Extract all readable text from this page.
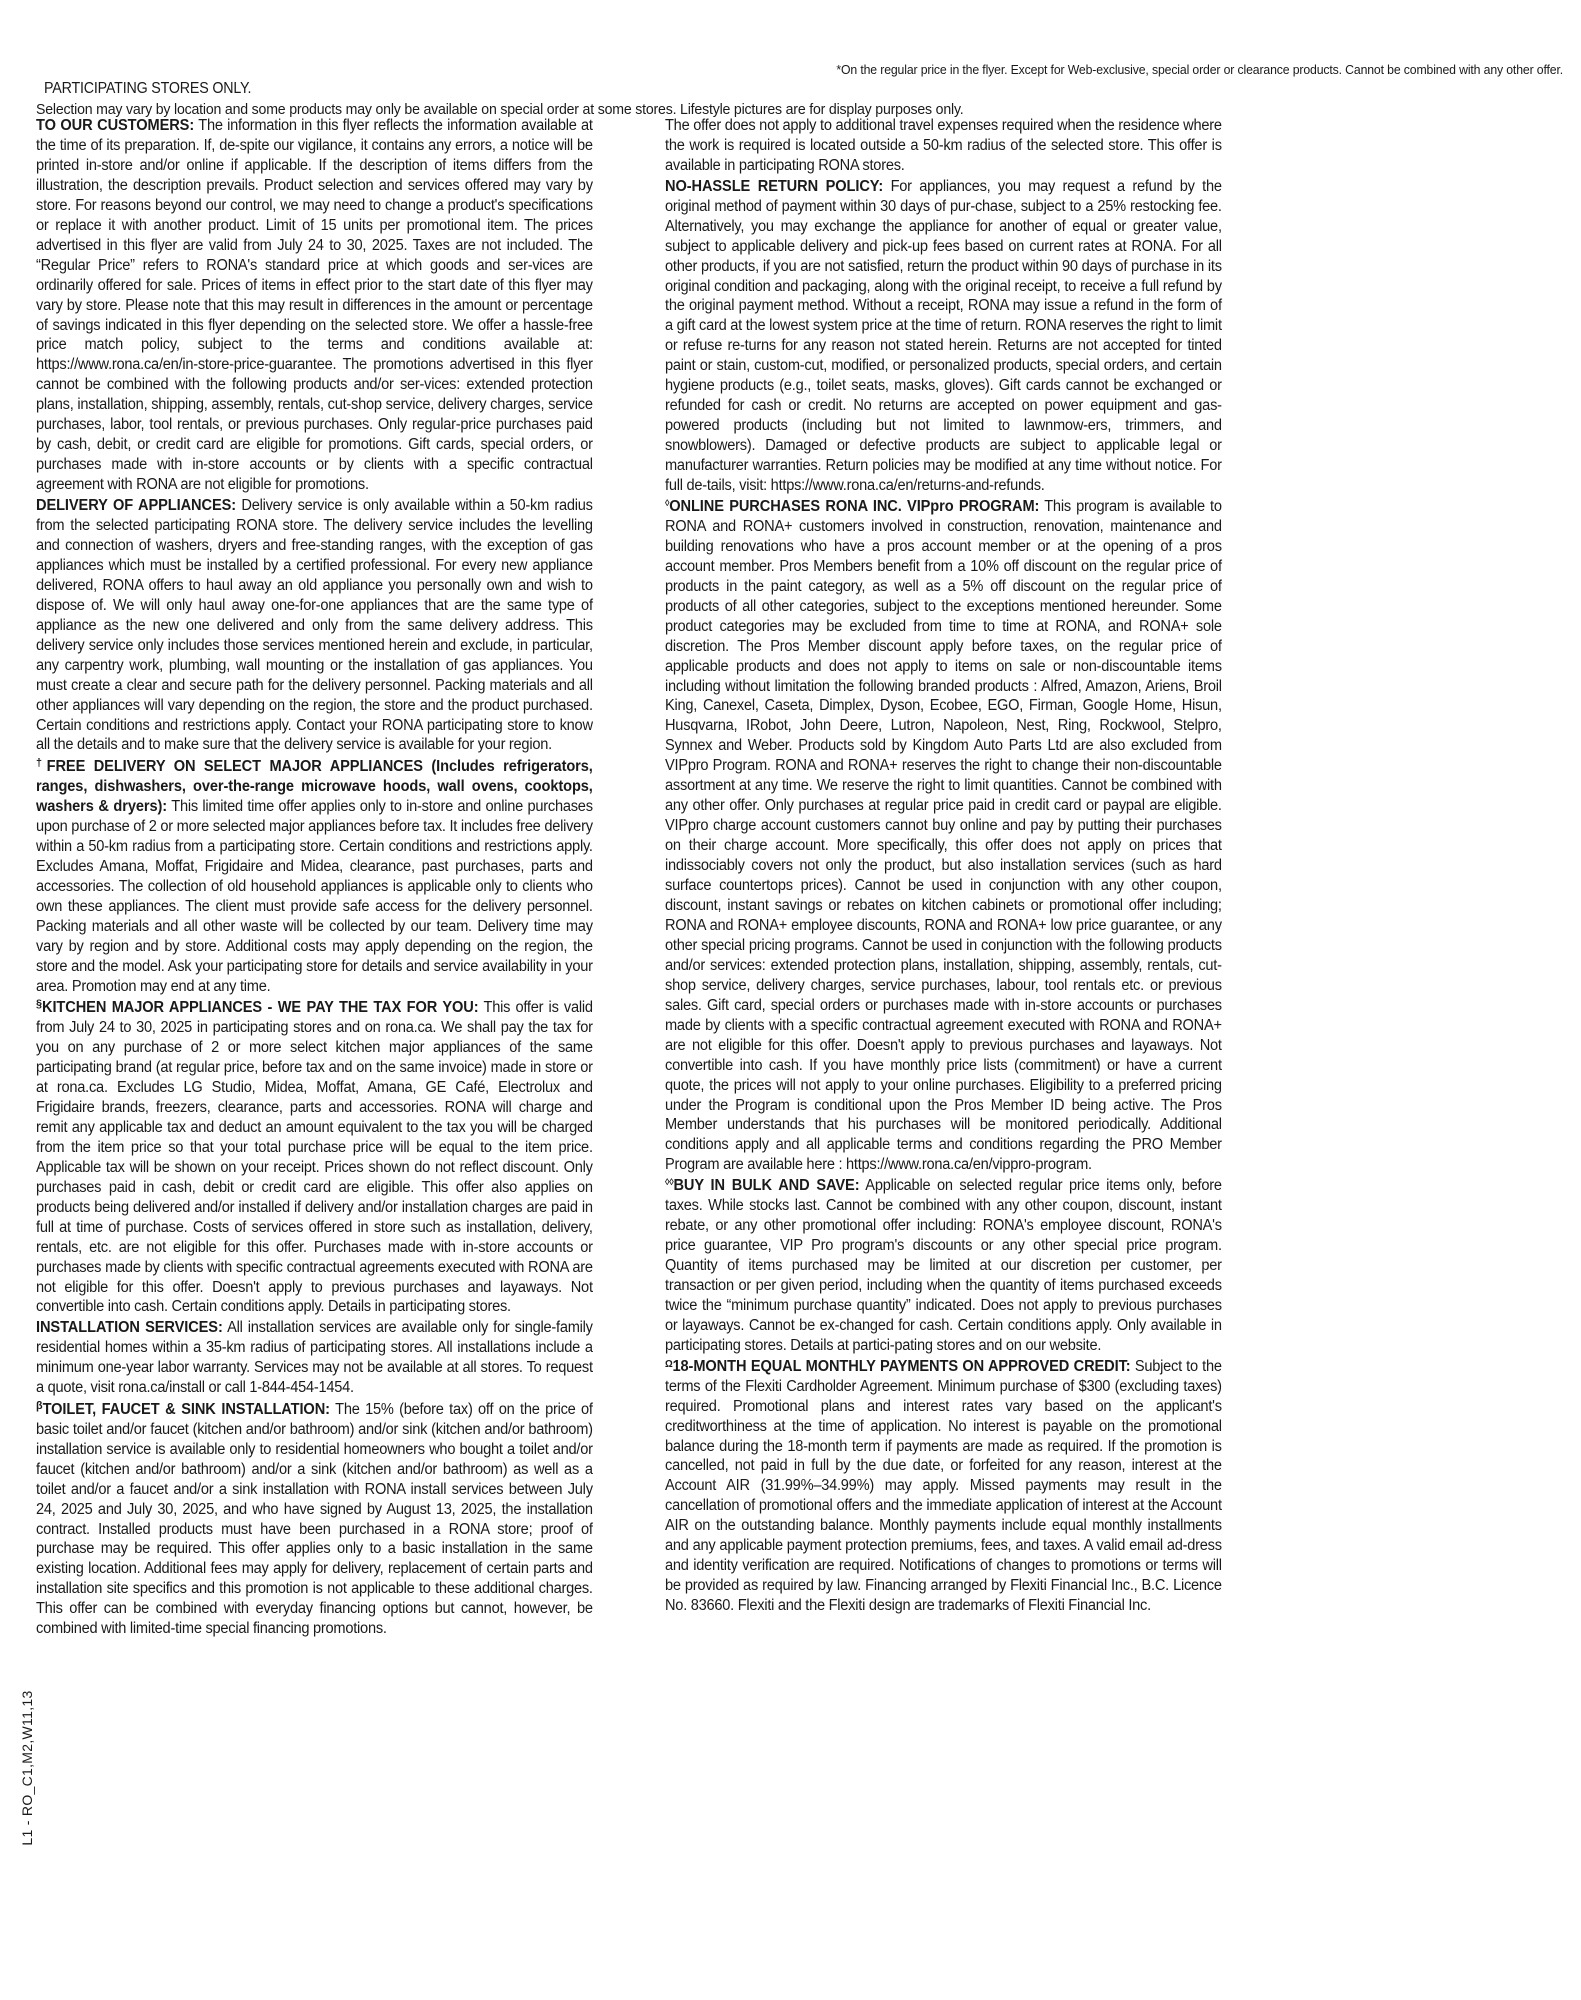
*On the regular price in the flyer. Except for Web-exclusive, special order or clearance products. Cannot be combined with any other offer.
PARTICIPATING STORES ONLY.
Selection may vary by location and some products may only be available on special order at some stores. Lifestyle pictures are for display purposes only.

TO OUR CUSTOMERS: The information in this flyer reflects the information available at the time of its preparation. If, de-spite our vigilance, it contains any errors, a notice will be printed in-store and/or online if applicable. If the description of items differs from the illustration, the description prevails. Product selection and services offered may vary by store. For reasons beyond our control, we may need to change a product's specifications or replace it with another product. Limit of 15 units per promotional item. The prices advertised in this flyer are valid from July 24 to 30, 2025. Taxes are not included. The “Regular Price” refers to RONA's standard price at which goods and ser-vices are ordinarily offered for sale. Prices of items in effect prior to the start date of this flyer may vary by store. Please note that this may result in differences in the amount or percentage of savings indicated in this flyer depending on the selected store. We offer a hassle-free price match policy, subject to the terms and conditions available at: https://www.rona.ca/en/in-store-price-guarantee. The promotions advertised in this flyer cannot be combined with the following products and/or ser-vices: extended protection plans, installation, shipping, assembly, rentals, cut-shop service, delivery charges, service purchases, labor, tool rentals, or previous purchases. Only regular-price purchases paid by cash, debit, or credit card are eligible for promotions. Gift cards, special orders, or purchases made with in-store accounts or by clients with a specific contractual agreement with RONA are not eligible for promotions.

DELIVERY OF APPLIANCES: Delivery service is only available within a 50-km radius from the selected participating RONA store. The delivery service includes the levelling and connection of washers, dryers and free-standing ranges, with the exception of gas appliances which must be installed by a certified professional. For every new appliance delivered, RONA offers to haul away an old appliance you personally own and wish to dispose of. We will only haul away one-for-one appliances that are the same type of appliance as the new one delivered and only from the same delivery address. This delivery service only includes those services mentioned herein and exclude, in particular, any carpentry work, plumbing, wall mounting or the installation of gas appliances. You must create a clear and secure path for the delivery personnel. Packing materials and all other appliances will vary depending on the region, the store and the product purchased. Certain conditions and restrictions apply. Contact your RONA participating store to know all the details and to make sure that the delivery service is available for your region.

†FREE DELIVERY ON SELECT MAJOR APPLIANCES (Includes refrigerators, ranges, dishwashers, over-the-range microwave hoods, wall ovens, cooktops, washers & dryers): This limited time offer applies only to in-store and online purchases upon purchase of 2 or more selected major appliances before tax. It includes free delivery within a 50-km radius from a participating store. Certain conditions and restrictions apply. Excludes Amana, Moffat, Frigidaire and Midea, clearance, past purchases, parts and accessories. The collection of old household appliances is applicable only to clients who own these appliances. The client must provide safe access for the delivery personnel. Packing materials and all other waste will be collected by our team. Delivery time may vary by region and by store. Additional costs may apply depending on the region, the store and the model. Ask your participating store for details and service availability in your area. Promotion may end at any time.

§KITCHEN MAJOR APPLIANCES - WE PAY THE TAX FOR YOU: This offer is valid from July 24 to 30, 2025 in participating stores and on rona.ca. We shall pay the tax for you on any purchase of 2 or more select kitchen major appliances of the same participating brand (at regular price, before tax and on the same invoice) made in store or at rona.ca. Excludes LG Studio, Midea, Moffat, Amana, GE Café, Electrolux and Frigidaire brands, freezers, clearance, parts and accessories. RONA will charge and remit any applicable tax and deduct an amount equivalent to the tax you will be charged from the item price so that your total purchase price will be equal to the item price. Applicable tax will be shown on your receipt. Prices shown do not reflect discount. Only purchases paid in cash, debit or credit card are eligible. This offer also applies on products being delivered and/or installed if delivery and/or installation charges are paid in full at time of purchase. Costs of services offered in store such as installation, delivery, rentals, etc. are not eligible for this offer. Purchases made with in-store accounts or purchases made by clients with specific contractual agreements executed with RONA are not eligible for this offer. Doesn't apply to previous purchases and layaways. Not convertible into cash. Certain conditions apply. Details in participating stores.

INSTALLATION SERVICES: All installation services are available only for single-family residential homes within a 35-km radius of participating stores. All installations include a minimum one-year labor warranty. Services may not be available at all stores. To request a quote, visit rona.ca/install or call 1-844-454-1454.

$^\beta$TOILET, FAUCET & SINK INSTALLATION: The 15% (before tax) off on the price of basic toilet and/or faucet (kitchen and/or bathroom) and/or sink (kitchen and/or bathroom) installation service is available only to residential homeowners who bought a toilet and/or faucet (kitchen and/or bathroom) and/or a sink (kitchen and/or bathroom) as well as a toilet and/or a faucet and/or a sink installation with RONA install services between July 24, 2025 and July 30, 2025, and who have signed by August 13, 2025, the installation contract. Installed products must have been purchased in a RONA store; proof of purchase may be required. This offer applies only to a basic installation in the same existing location. Additional fees may apply for delivery, replacement of certain parts and installation site specifics and this promotion is not applicable to these additional charges. This offer can be combined with everyday financing options but cannot, however, be combined with limited-time special financing promotions.

The offer does not apply to additional travel expenses required when the residence where the work is required is located outside a 50-km radius of the selected store. This offer is available in participating RONA stores.

NO-HASSLE RETURN POLICY: For appliances, you may request a refund by the original method of payment within 30 days of pur-chase, subject to a 25% restocking fee. Alternatively, you may exchange the appliance for another of equal or greater value, subject to applicable delivery and pick-up fees based on current rates at RONA. For all other products, if you are not satisfied, return the product within 90 days of purchase in its original condition and packaging, along with the original receipt, to receive a full refund by the original payment method. Without a receipt, RONA may issue a refund in the form of a gift card at the lowest system price at the time of return. RONA reserves the right to limit or refuse re-turns for any reason not stated herein. Returns are not accepted for tinted paint or stain, custom-cut, modified, or personalized products, special orders, and certain hygiene products (e.g., toilet seats, masks, gloves). Gift cards cannot be exchanged or refunded for cash or credit. No returns are accepted on power equipment and gas-powered products (including but not limited to lawnmow-ers, trimmers, and snowblowers). Damaged or defective products are subject to applicable legal or manufacturer warranties. Return policies may be modified at any time without notice. For full de-tails, visit: https://www.rona.ca/en/returns-and-refunds.

◊ONLINE PURCHASES RONA INC. VIPpro PROGRAM: This program is available to RONA and RONA+ customers involved in construction, renovation, maintenance and building renovations who have a pros account member or at the opening of a pros account member. Pros Members benefit from a 10% off discount on the regular price of products in the paint category, as well as a 5% off discount on the regular price of products of all other categories, subject to the exceptions mentioned hereunder. Some product categories may be excluded from time to time at RONA, and RONA+ sole discretion. The Pros Member discount apply before taxes, on the regular price of applicable products and does not apply to items on sale or non-discountable items including without limitation the following branded products : Alfred, Amazon, Ariens, Broil King, Canexel, Caseta, Dimplex, Dyson, Ecobee, EGO, Firman, Google Home, Hisun, Husqvarna, IRobot, John Deere, Lutron, Napoleon, Nest, Ring, Rockwool, Stelpro, Synnex and Weber. Products sold by Kingdom Auto Parts Ltd are also excluded from VIPpro Program. RONA and RONA+ reserves the right to change their non-discountable assortment at any time. We reserve the right to limit quantities. Cannot be combined with any other offer. Only purchases at regular price paid in credit card or paypal are eligible. VIPpro charge account customers cannot buy online and pay by putting their purchases on their charge account. More specifically, this offer does not apply on prices that indissociably covers not only the product, but also installation services (such as hard surface countertops prices). Cannot be used in conjunction with any other coupon, discount, instant savings or rebates on kitchen cabinets or promotional offer including; RONA and RONA+ employee discounts, RONA and RONA+ low price guarantee, or any other special pricing programs. Cannot be used in conjunction with the following products and/or services: extended protection plans, installation, shipping, assembly, rentals, cut-shop service, delivery charges, service purchases, labour, tool rentals etc. or previous sales. Gift card, special orders or purchases made with in-store accounts or purchases made by clients with a specific contractual agreement executed with RONA and RONA+ are not eligible for this offer. Doesn't apply to previous purchases and layaways. Not convertible into cash. If you have monthly price lists (commitment) or have a current quote, the prices will not apply to your online purchases. Eligibility to a preferred pricing under the Program is conditional upon the Pros Member ID being active. The Pros Member understands that his purchases will be monitored periodically. Additional conditions apply and all applicable terms and conditions regarding the PRO Member Program are available here : https://www.rona.ca/en/vippro-program.

◊◊BUY IN BULK AND SAVE: Applicable on selected regular price items only, before taxes. While stocks last. Cannot be combined with any other coupon, discount, instant rebate, or any other promotional offer including: RONA's employee discount, RONA's price guarantee, VIP Pro program's discounts or any other special price program. Quantity of items purchased may be limited at our discretion per customer, per transaction or per given period, including when the quantity of items purchased exceeds twice the “minimum purchase quantity” indicated. Does not apply to previous purchases or layaways. Cannot be ex-changed for cash. Certain conditions apply. Only available in participating stores. Details at partici-pating stores and on our website.

$^\Omega$18-MONTH EQUAL MONTHLY PAYMENTS ON APPROVED CREDIT: Subject to the terms of the Flexiti Cardholder Agreement. Minimum purchase of $300 (excluding taxes) required. Promotional plans and interest rates vary based on the applicant's creditworthiness at the time of application. No interest is payable on the promotional balance during the 18-month term if payments are made as required. If the promotion is cancelled, not paid in full by the due date, or forfeited for any reason, interest at the Account AIR (31.99%–34.99%) may apply. Missed payments may result in the cancellation of promotional offers and the immediate application of interest at the Account AIR on the outstanding balance. Monthly payments include equal monthly installments and any applicable payment protection premiums, fees, and taxes. A valid email ad-dress and identity verification are required. Notifications of changes to promotions or terms will be provided as required by law. Financing arranged by Flexiti Financial Inc., B.C. Licence No. 83660. Flexiti and the Flexiti design are trademarks of Flexiti Financial Inc.

L1 - RO_C1,M2,W11,13
